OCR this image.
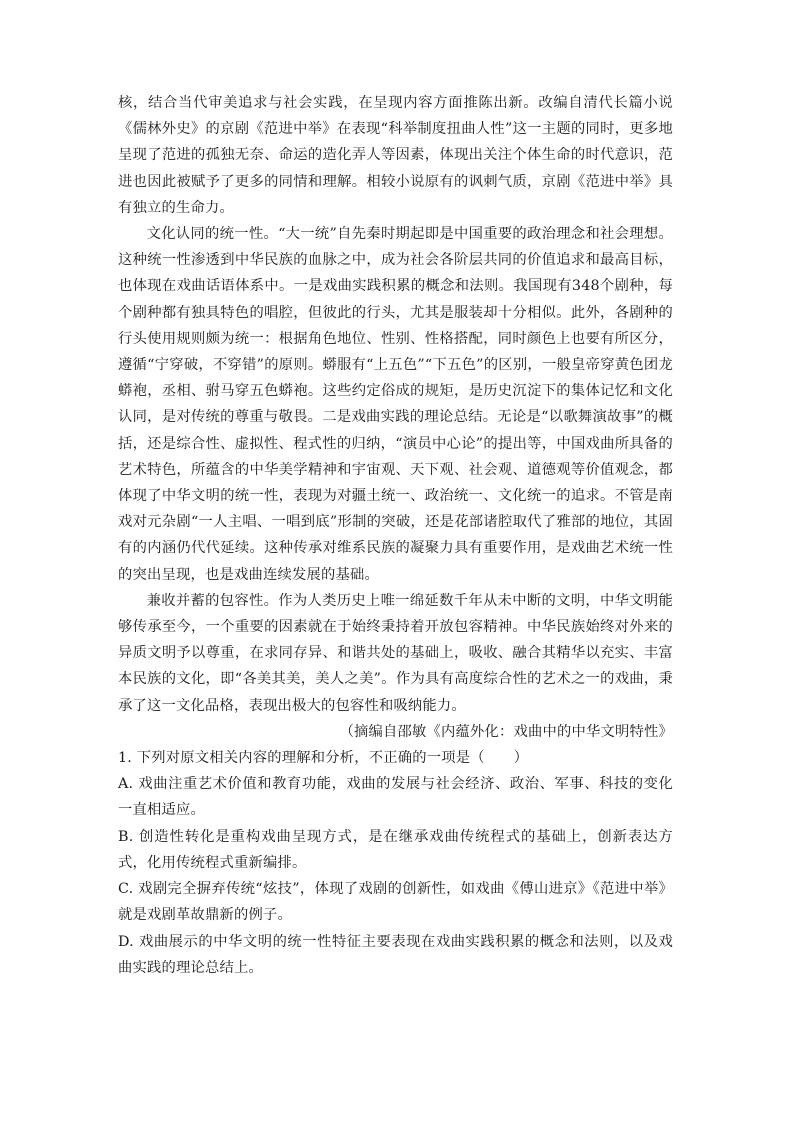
核，结合当代审美追求与社会实践，在呈现内容方面推陈出新。改编自清代长篇小说《儒林外史》的京剧《范进中举》在表现“科举制度扭曲人性”这一主题的同时，更多地呈现了范进的孤独无奈、命运的造化弄人等因素，体现出关注个体生命的时代意识，范进也因此被赋予了更多的同情和理解。相较小说原有的讽刺气质，京剧《范进中举》具有独立的生命力。

文化认同的统一性。“大一统”自先秦时期起即是中国重要的政治理念和社会理想。这种统一性渗透到中华民族的血脉之中，成为社会各阶层共同的价值追求和最高目标，也体现在戏曲话语体系中。一是戏曲实践积累的概念和法则。我国现有348个剧种，每个剧种都有独具特色的唱腔，但彼此的行头，尤其是服装却十分相似。此外，各剧种的行头使用规则颇为统一：根据角色地位、性别、性格搭配，同时颜色上也要有所区分，遵循“宁穿破，不穿错”的原则。蟒服有“上五色”“下五色”的区别，一般皇帝穿黄色团龙蟒袍，丞相、驸马穿五色蟒袍。这些约定俗成的规矩，是历史沉淀下的集体记忆和文化认同，是对传统的尊重与敬畏。二是戏曲实践的理论总结。无论是“以歌舞演故事”的概括，还是综合性、虚拟性、程式性的归纳，“演员中心论”的提出等，中国戏曲所具备的艺术特色，所蕴含的中华美学精神和宇宙观、天下观、社会观、道德观等价值观念，都体现了中华文明的统一性，表现为对疆土统一、政治统一、文化统一的追求。不管是南戏对元杂剧“一人主唱、一唱到底”形制的突破，还是花部诸腔取代了雅部的地位，其固有的内涵仍代代延续。这种传承对维系民族的凝聚力具有重要作用，是戏曲艺术统一性的突出呈现，也是戏曲连续发展的基础。

兼收并蓄的包容性。作为人类历史上唯一绵延数千年从未中断的文明，中华文明能够传承至今，一个重要的因素就在于始终秉持着开放包容精神。中华民族始终对外来的异质文明予以尊重，在求同存异、和谐共处的基础上，吸收、融合其精华以充实、丰富本民族的文化，即“各美其美，美人之美”。作为具有高度综合性的艺术之一的戏曲，秉承了这一文化品格，表现出极大的包容性和吸纳能力。

（摘编自邵敏《内蕴外化：戏曲中的中华文明特性》

1. 下列对原文相关内容的理解和分析，不正确的一项是（　　）

A. 戏曲注重艺术价值和教育功能，戏曲的发展与社会经济、政治、军事、科技的变化一直相适应。

B. 创造性转化是重构戏曲呈现方式，是在继承戏曲传统程式的基础上，创新表达方式，化用传统程式重新编排。

C. 戏剧完全摒弃传统“炫技”，体现了戏剧的创新性，如戏曲《傅山进京》《范进中举》就是戏剧革故鼎新的例子。

D. 戏曲展示的中华文明的统一性特征主要表现在戏曲实践积累的概念和法则，以及戏曲实践的理论总结上。
